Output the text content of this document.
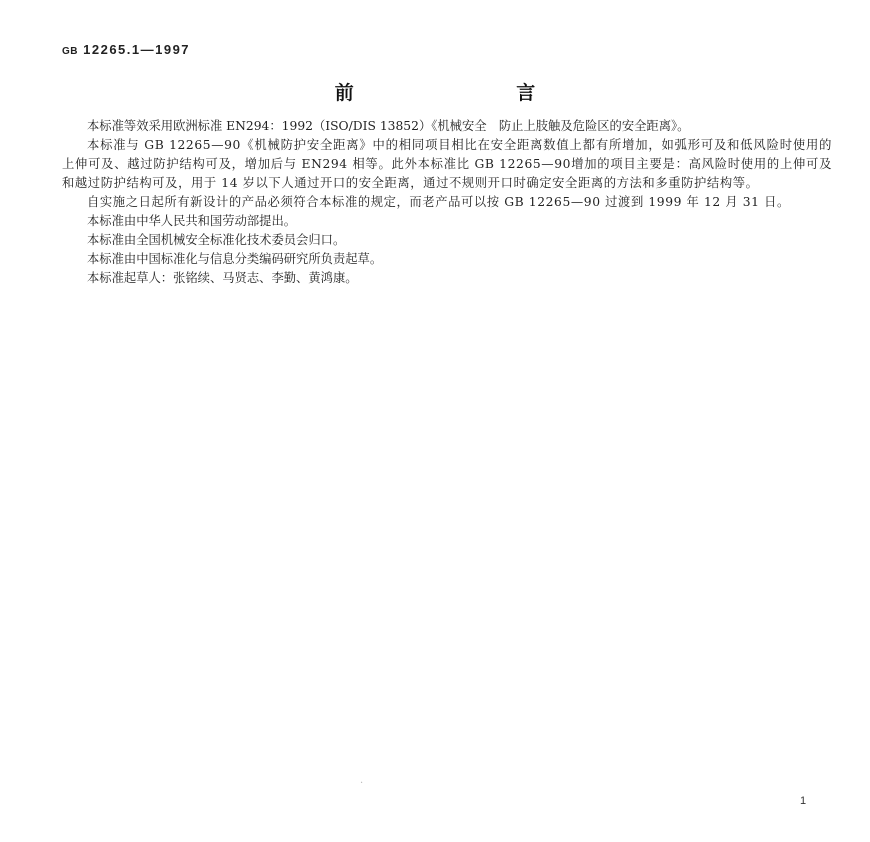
GB 12265.1—1997
前 言

本标准等效采用欧洲标准 EN294：1992（ISO/DIS 13852）《机械安全　防止上肢触及危险区的安全距离》。

本标准与 GB 12265—90《机械防护安全距离》中的相同项目相比在安全距离数值上都有所增加，如弧形可及和低风险时使用的上伸可及、越过防护结构可及，增加后与 EN294 相等。此外本标准比 GB 12265—90增加的项目主要是：高风险时使用的上伸可及和越过防护结构可及，用于 14 岁以下人通过开口的安全距离，通过不规则开口时确定安全距离的方法和多重防护结构等。

自实施之日起所有新设计的产品必须符合本标准的规定，而老产品可以按 GB 12265—90 过渡到 1999 年 12 月 31 日。

本标准由中华人民共和国劳动部提出。

本标准由全国机械安全标准化技术委员会归口。

本标准由中国标准化与信息分类编码研究所负责起草。

本标准起草人：张铭续、马贤志、李勤、黄鸿康。

·
1
